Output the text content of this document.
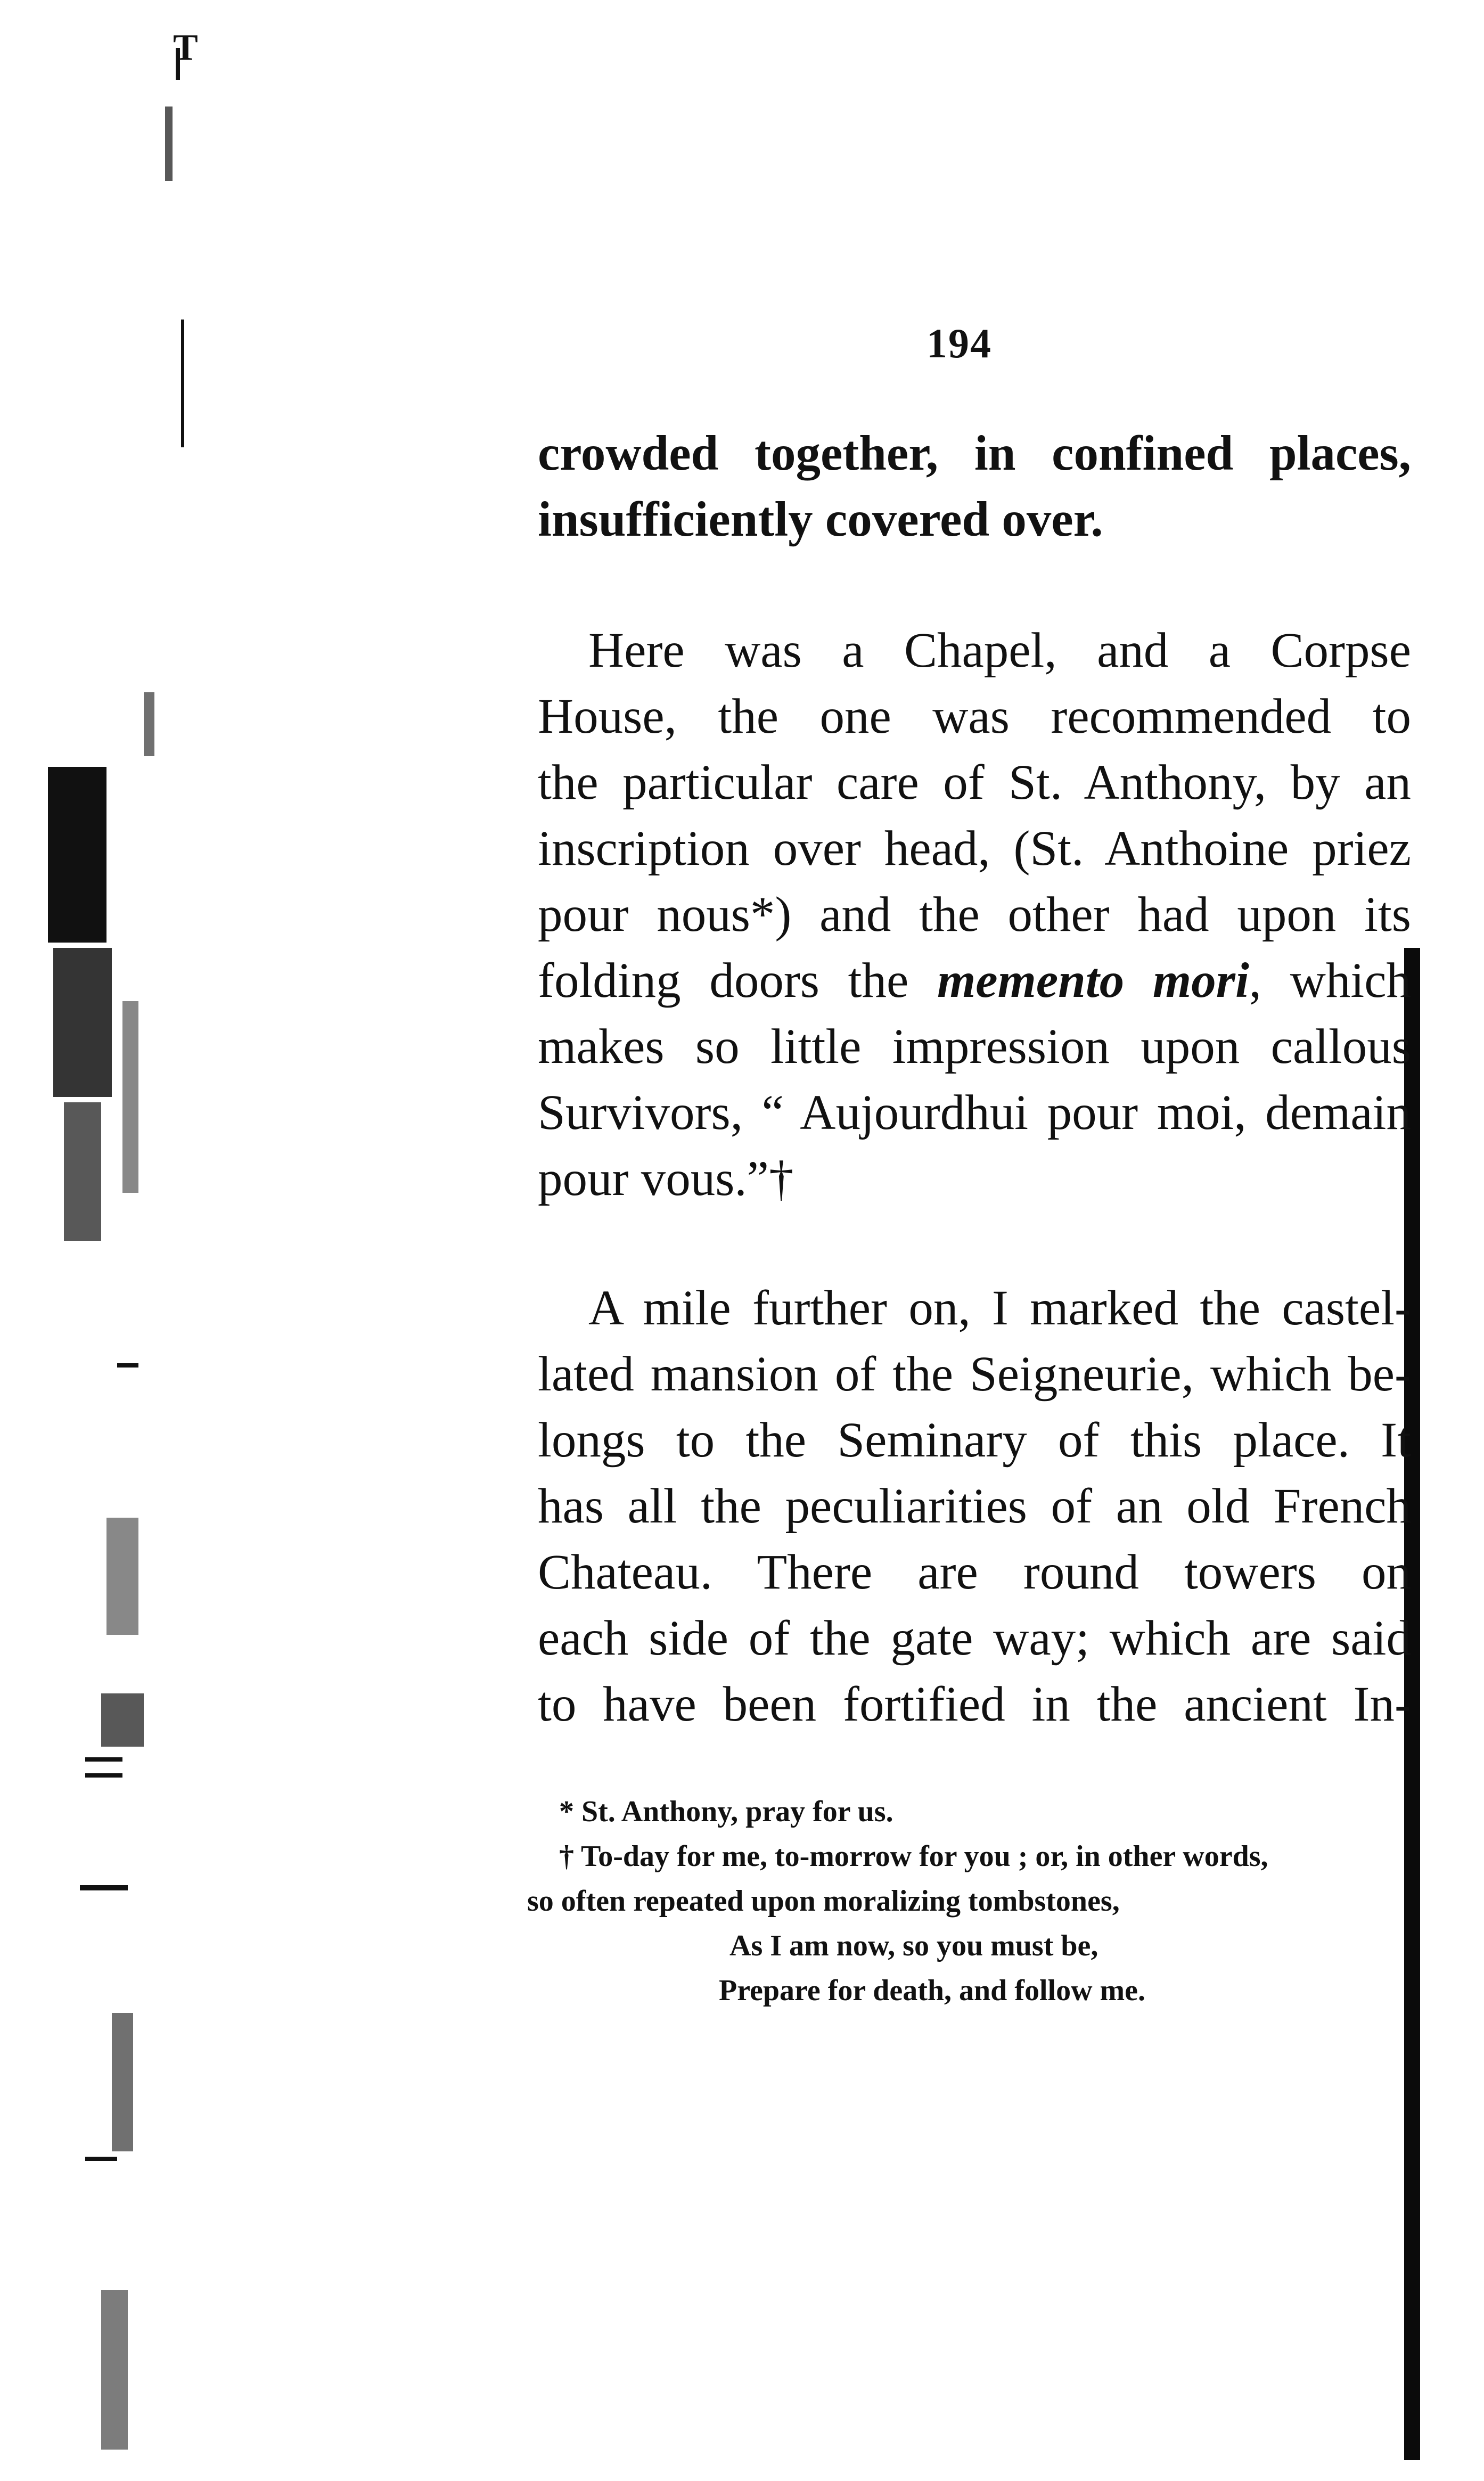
T
194
crowded together, in confined places,
insufficiently covered over.
Here was a Chapel, and a Corpse
House, the one was recommended to
the particular care of St. Anthony, by an
inscription over head, (St. Anthoine priez
pour nous*) and the other had upon its
folding doors the memento mori, which
makes so little impression upon callous
Survivors, “ Aujourdhui pour moi, demain
pour vous.”†
A mile further on, I marked the castel-
lated mansion of the Seigneurie, which be-
longs to the Seminary of this place. It
has all the peculiarities of an old French
Chateau. There are round towers on
each side of the gate way; which are said
to have been fortified in the ancient In-
* St. Anthony, pray for us.
† To-day for me, to-morrow for you ; or, in other words,
so often repeated upon moralizing tombstones,
As I am now, so you must be,
Prepare for death, and follow me.
